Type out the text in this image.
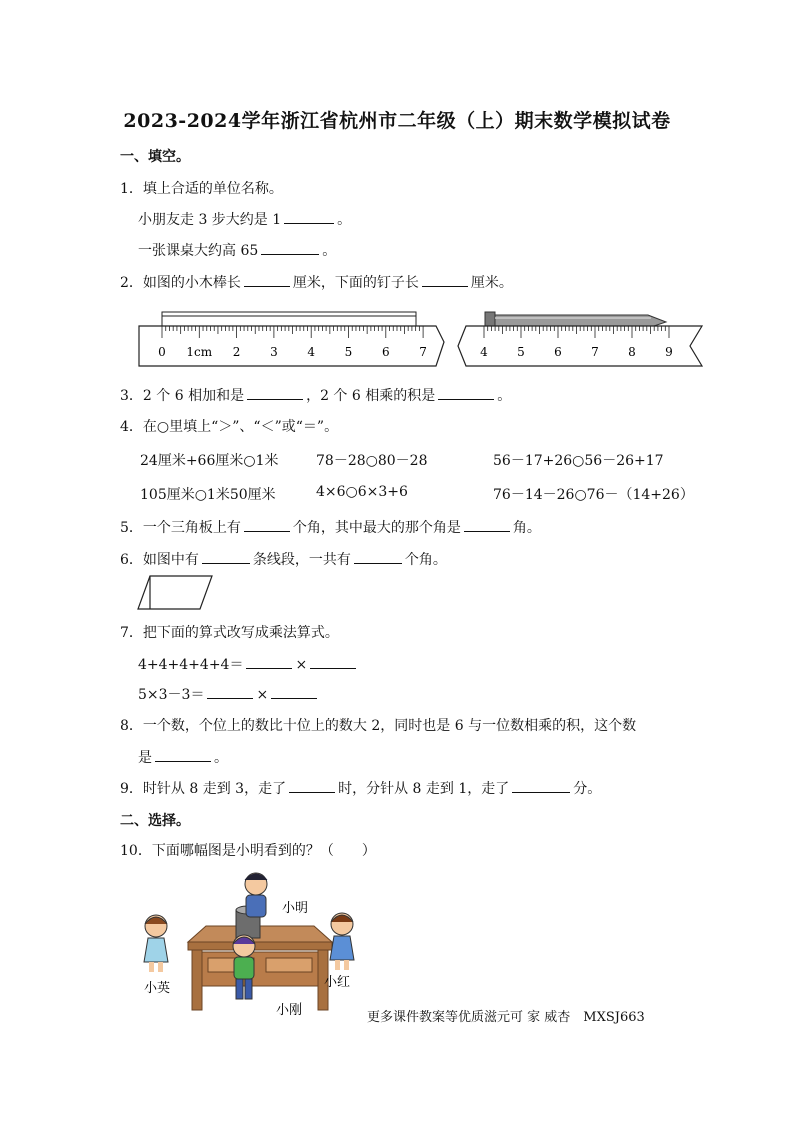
2023-2024学年浙江省杭州市二年级（上）期末数学模拟试卷
一、填空。
1．填上合适的单位名称。
小朋友走 3 步大约是 1	。
一张课桌大约高 65	。
2．如图的小木棒长	厘米，下面的钉子长	厘米。
0 1cm 2 3 4 5 6 7	4 5 6 7 8 9
3．2 个 6 相加和是	，2 个 6 相乘的积是	。
4．在○里填上“＞”、“＜”或“＝”。
24厘米+66厘米○1米	78－28○80－28	56－17+26○56－26+17
105厘米○1米50厘米	4×6○6×3+6	76－14－26○76－（14+26）
5．一个三角板上有	个角，其中最大的那个角是	角。
6．如图中有	条线段，一共有	个角。
7．把下面的算式改写成乘法算式。
4+4+4+4+4＝	×
5×3－3＝	×
8．一个数，个位上的数比十位上的数大 2，同时也是 6 与一位数相乘的积，这个数
是	。
9．时针从 8 走到 3，走了	时，分针从 8 走到 1，走了	分。
二、选择。
10．下面哪幅图是小明看到的？（　　）
小明
小英	小红
小刚	更多课件教案等优质滋元可 家 威杏　MXSJ663
